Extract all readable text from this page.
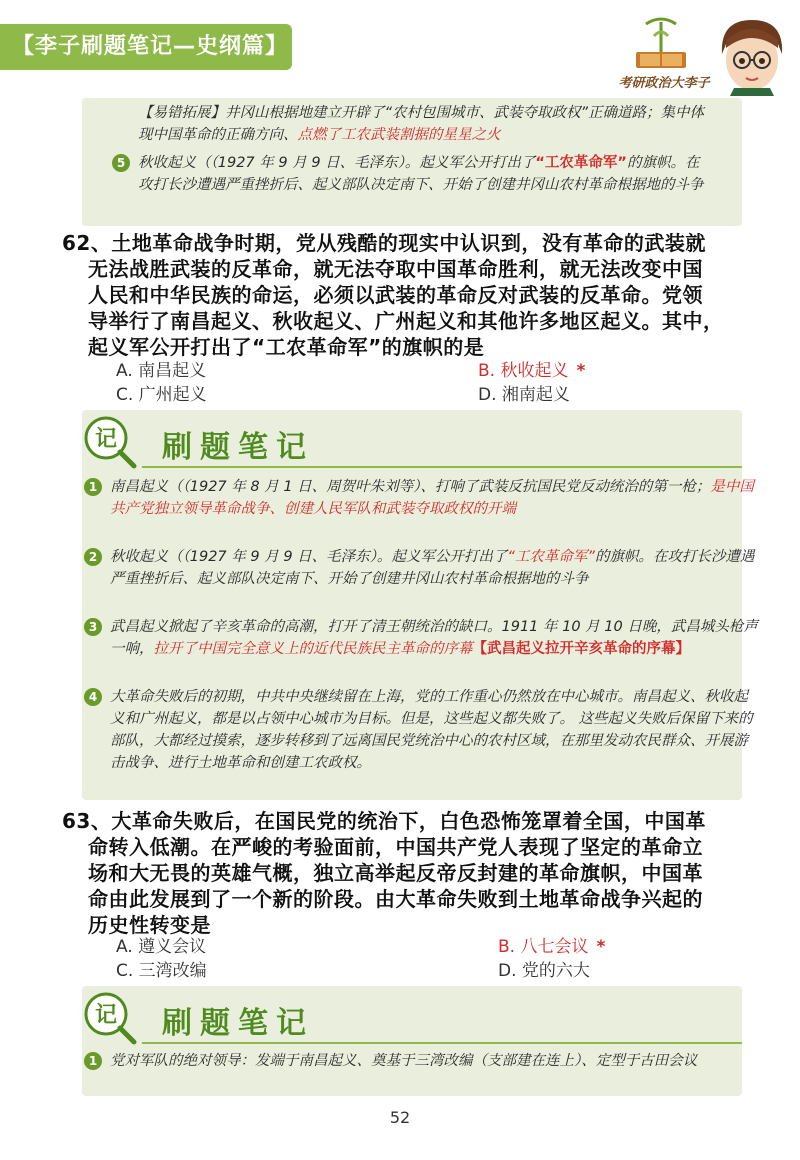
【李子刷题笔记—史纲篇】
考研政治大李子
【易错拓展】井冈山根据地建立开辟了“农村包围城市、武装夺取政权”正确道路；集中体现中国革命的正确方向、点燃了工农武装割据的星星之火
5 秋收起义（（1927 年 9 月 9 日、毛泽东）。起义军公开打出了“工农革命军”的旗帜。在攻打长沙遭遇严重挫折后、起义部队决定南下、开始了创建井冈山农村革命根据地的斗争
62、土地革命战争时期，党从残酷的现实中认识到，没有革命的武装就
无法战胜武装的反革命，就无法夺取中国革命胜利，就无法改变中国
人民和中华民族的命运，必须以武装的革命反对武装的反革命。党领
导举行了南昌起义、秋收起义、广州起义和其他许多地区起义。其中，
起义军公开打出了“工农革命军”的旗帜的是
A. 南昌起义	B. 秋收起义 *
C. 广州起义	D. 湘南起义
记 刷题笔记
1 南昌起义（（1927 年 8 月 1 日、周贺叶朱刘等）、打响了武装反抗国民党反动统治的第一枪；是中国共产党独立领导革命战争、创建人民军队和武装夺取政权的开端
2 秋收起义（（1927 年 9 月 9 日、毛泽东）。起义军公开打出了“工农革命军”的旗帜。在攻打长沙遭遇严重挫折后、起义部队决定南下、开始了创建井冈山农村革命根据地的斗争
3 武昌起义掀起了辛亥革命的高潮，打开了清王朝统治的缺口。1911 年 10 月 10 日晚，武昌城头枪声一响，拉开了中国完全意义上的近代民族民主革命的序幕【武昌起义拉开辛亥革命的序幕】
4 大革命失败后的初期，中共中央继续留在上海，党的工作重心仍然放在中心城市。南昌起义、秋收起义和广州起义，都是以占领中心城市为目标。但是，这些起义都失败了。 这些起义失败后保留下来的部队，大都经过摸索，逐步转移到了远离国民党统治中心的农村区域，在那里发动农民群众、开展游击战争、进行土地革命和创建工农政权。
63、大革命失败后，在国民党的统治下，白色恐怖笼罩着全国，中国革
命转入低潮。在严峻的考验面前，中国共产党人表现了坚定的革命立
场和大无畏的英雄气概，独立高举起反帝反封建的革命旗帜，中国革
命由此发展到了一个新的阶段。由大革命失败到土地革命战争兴起的
历史性转变是
A. 遵义会议	B. 八七会议 *
C. 三湾改编	D. 党的六大
记 刷题笔记
1 党对军队的绝对领导：发端于南昌起义、奠基于三湾改编（支部建在连上）、定型于古田会议
52
